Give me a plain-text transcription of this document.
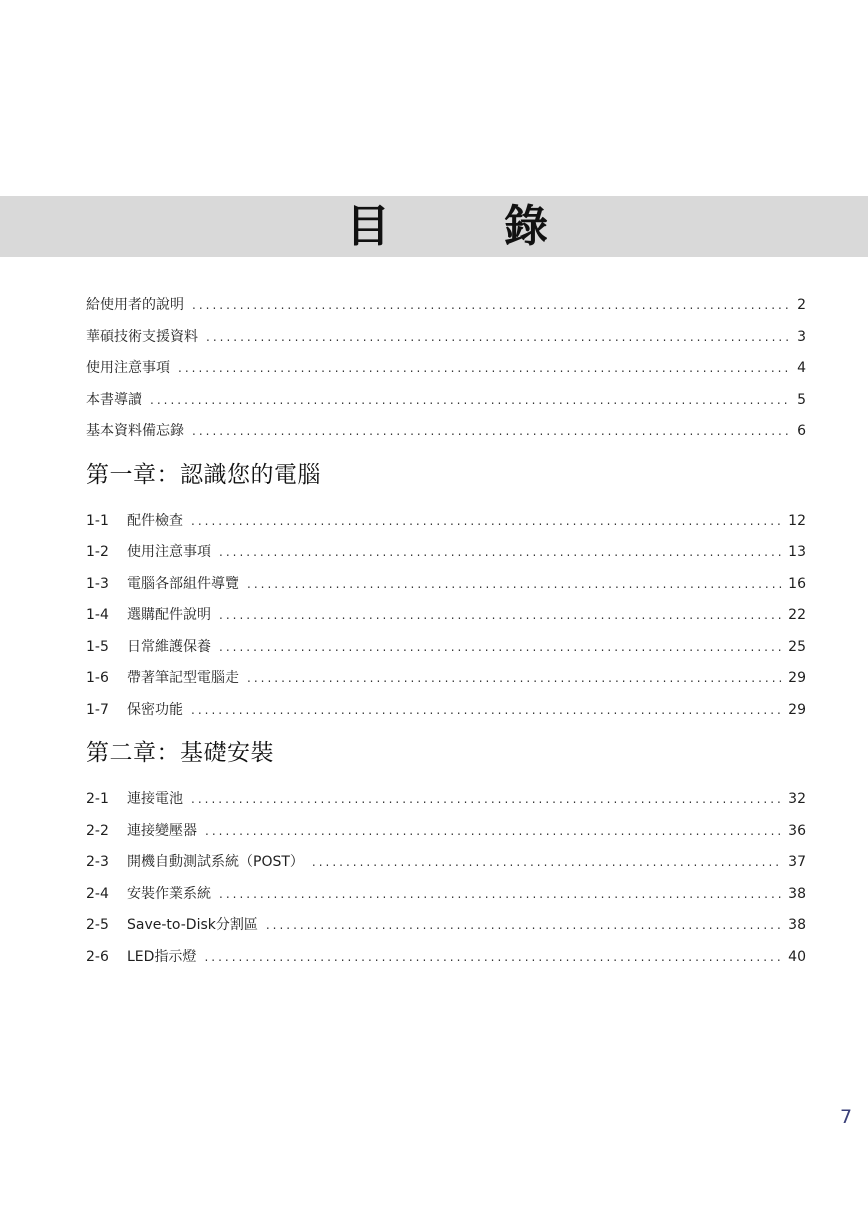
目	錄
給使用者的說明 .....	2
華碩技術支援資料 .....	3
使用注意事項 .....	4
本書導讀 .....	5
基本資料備忘錄 .....	6
第一章：認識您的電腦
1-1	配件檢查 .....	12
1-2	使用注意事項 .....	13
1-3	電腦各部組件導覽 .....	16
1-4	選購配件說明 .....	22
1-5	日常維護保養 .....	25
1-6	帶著筆記型電腦走 .....	29
1-7	保密功能 .....	29
第二章：基礎安裝
2-1	連接電池 .....	32
2-2	連接變壓器 .....	36
2-3	開機自動測試系統（POST） .....	37
2-4	安裝作業系統 .....	38
2-5	Save-to-Disk分割區 .....	38
2-6	LED指示燈 .....	40
7
